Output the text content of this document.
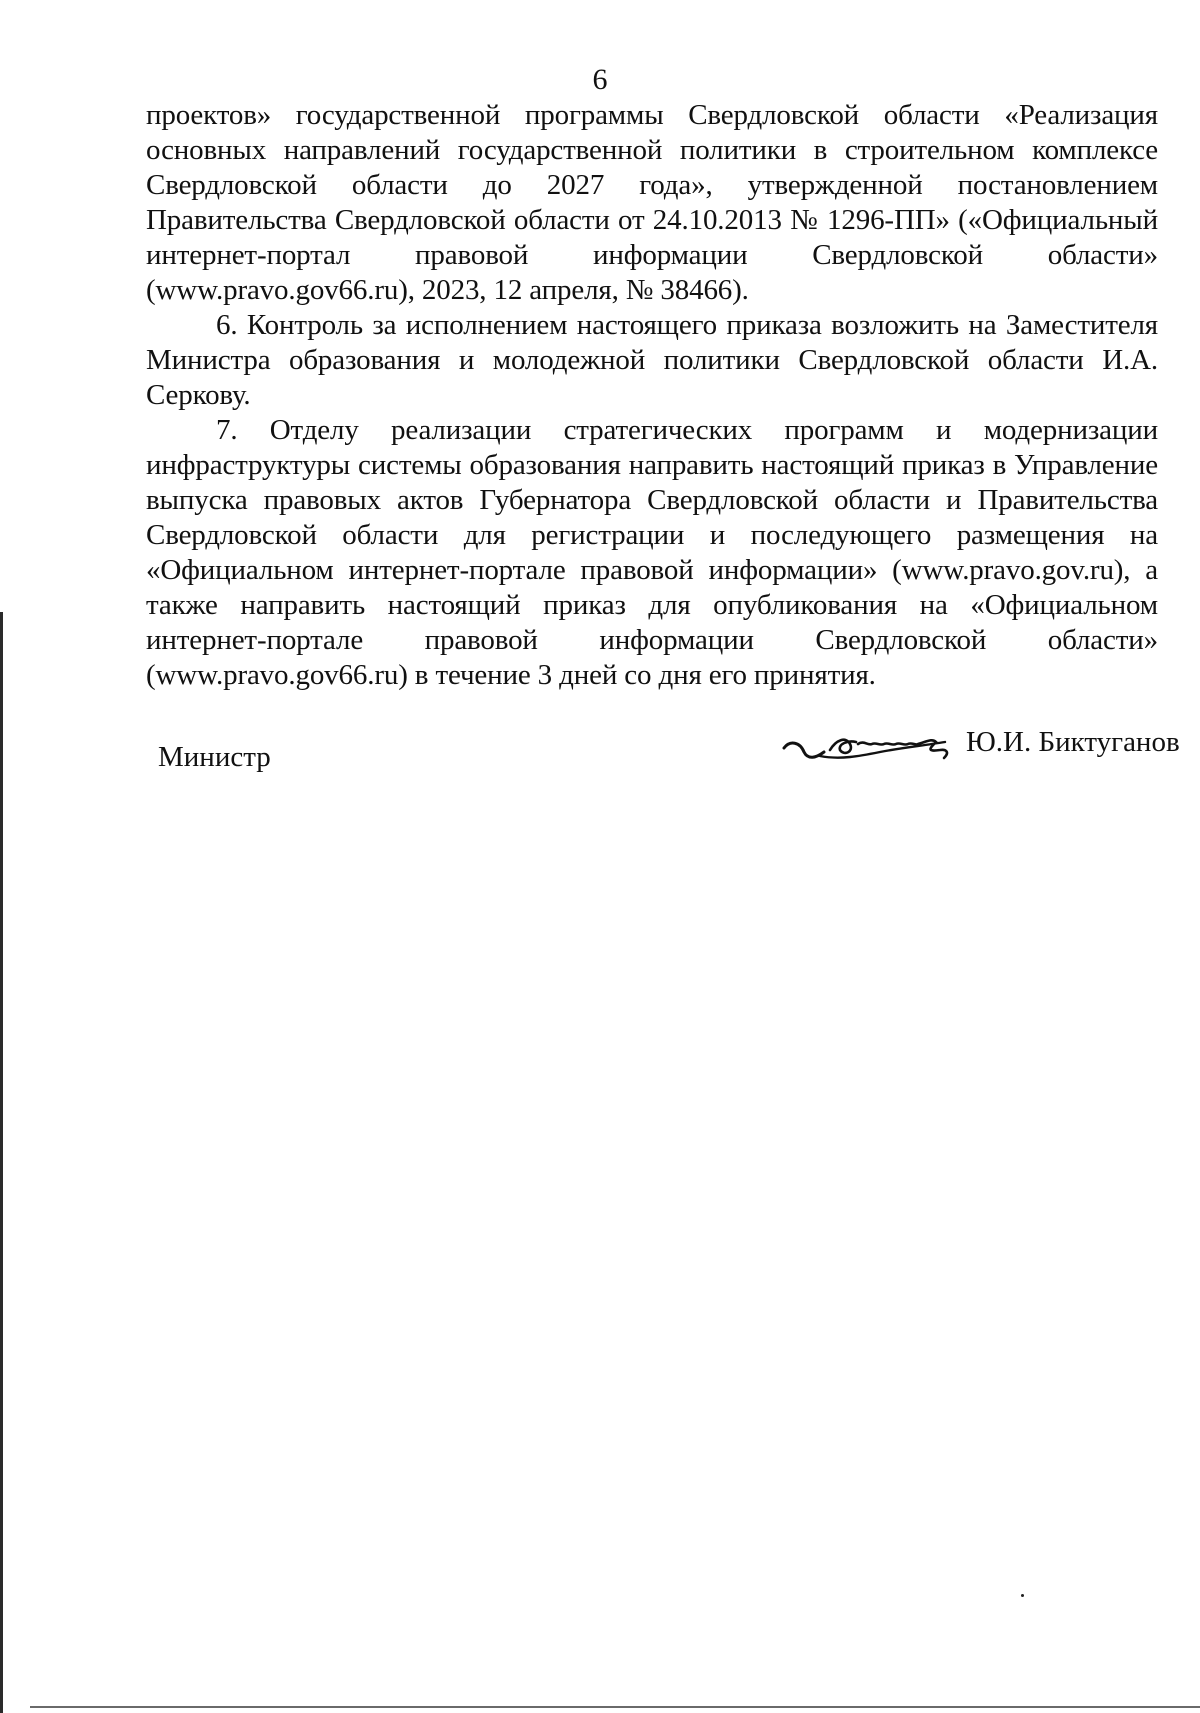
6

проектов» государственной программы Свердловской области «Реализация основных направлений государственной политики в строительном комплексе Свердловской области до 2027 года», утвержденной постановлением Правительства Свердловской области от 24.10.2013 № 1296-ПП» («Официальный интернет-портал правовой информации Свердловской области» (www.pravo.gov66.ru), 2023, 12 апреля, № 38466).

6. Контроль за исполнением настоящего приказа возложить на Заместителя Министра образования и молодежной политики Свердловской области И.А. Серкову.

7. Отделу реализации стратегических программ и модернизации инфраструктуры системы образования направить настоящий приказ в Управление выпуска правовых актов Губернатора Свердловской области и Правительства Свердловской области для регистрации и последующего размещения на «Официальном интернет-портале правовой информации» (www.pravo.gov.ru), а также направить настоящий приказ для опубликования на «Официальном интернет-портале правовой информации Свердловской области» (www.pravo.gov66.ru) в течение 3 дней со дня его принятия.

Министр	Ю.И. Биктуганов
